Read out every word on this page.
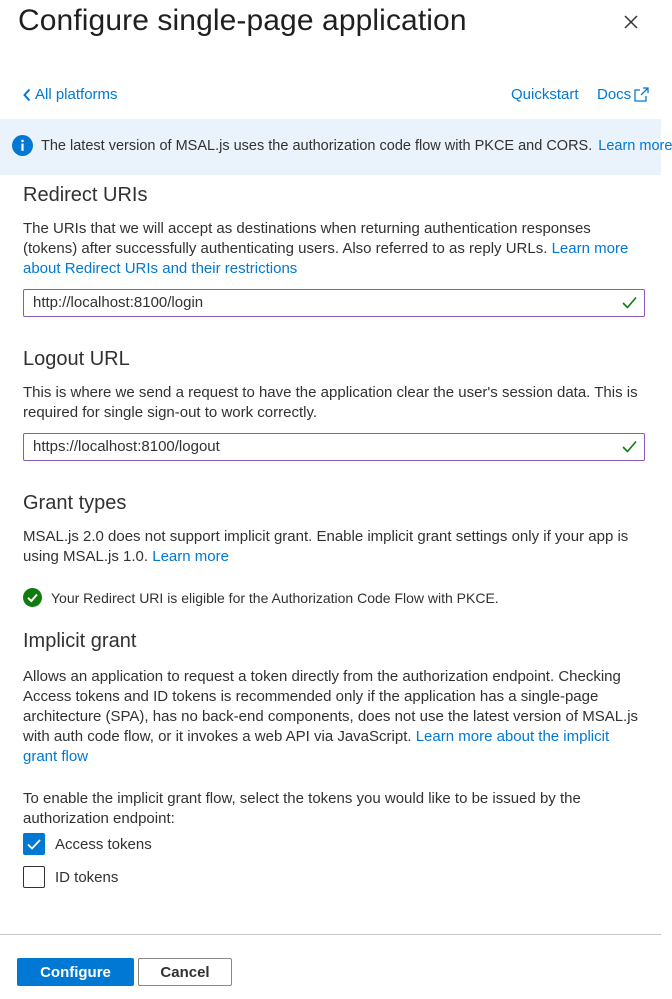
Configure single-page application
All platforms	Quickstart Docs
The latest version of MSAL.js uses the authorization code flow with PKCE and CORS. Learn more
Redirect URIs
The URIs that we will accept as destinations when returning authentication responses
(tokens) after successfully authenticating users. Also referred to as reply URLs. Learn more
about Redirect URIs and their restrictions
http://localhost:8100/login
Logout URL
This is where we send a request to have the application clear the user's session data. This is
required for single sign-out to work correctly.
https://localhost:8100/logout
Grant types
MSAL.js 2.0 does not support implicit grant. Enable implicit grant settings only if your app is
using MSAL.js 1.0. Learn more
Your Redirect URI is eligible for the Authorization Code Flow with PKCE.
Implicit grant
Allows an application to request a token directly from the authorization endpoint. Checking
Access tokens and ID tokens is recommended only if the application has a single-page
architecture (SPA), has no back-end components, does not use the latest version of MSAL.js
with auth code flow, or it invokes a web API via JavaScript. Learn more about the implicit
grant flow
To enable the implicit grant flow, select the tokens you would like to be issued by the
authorization endpoint:
Access tokens
ID tokens
Configure	Cancel
